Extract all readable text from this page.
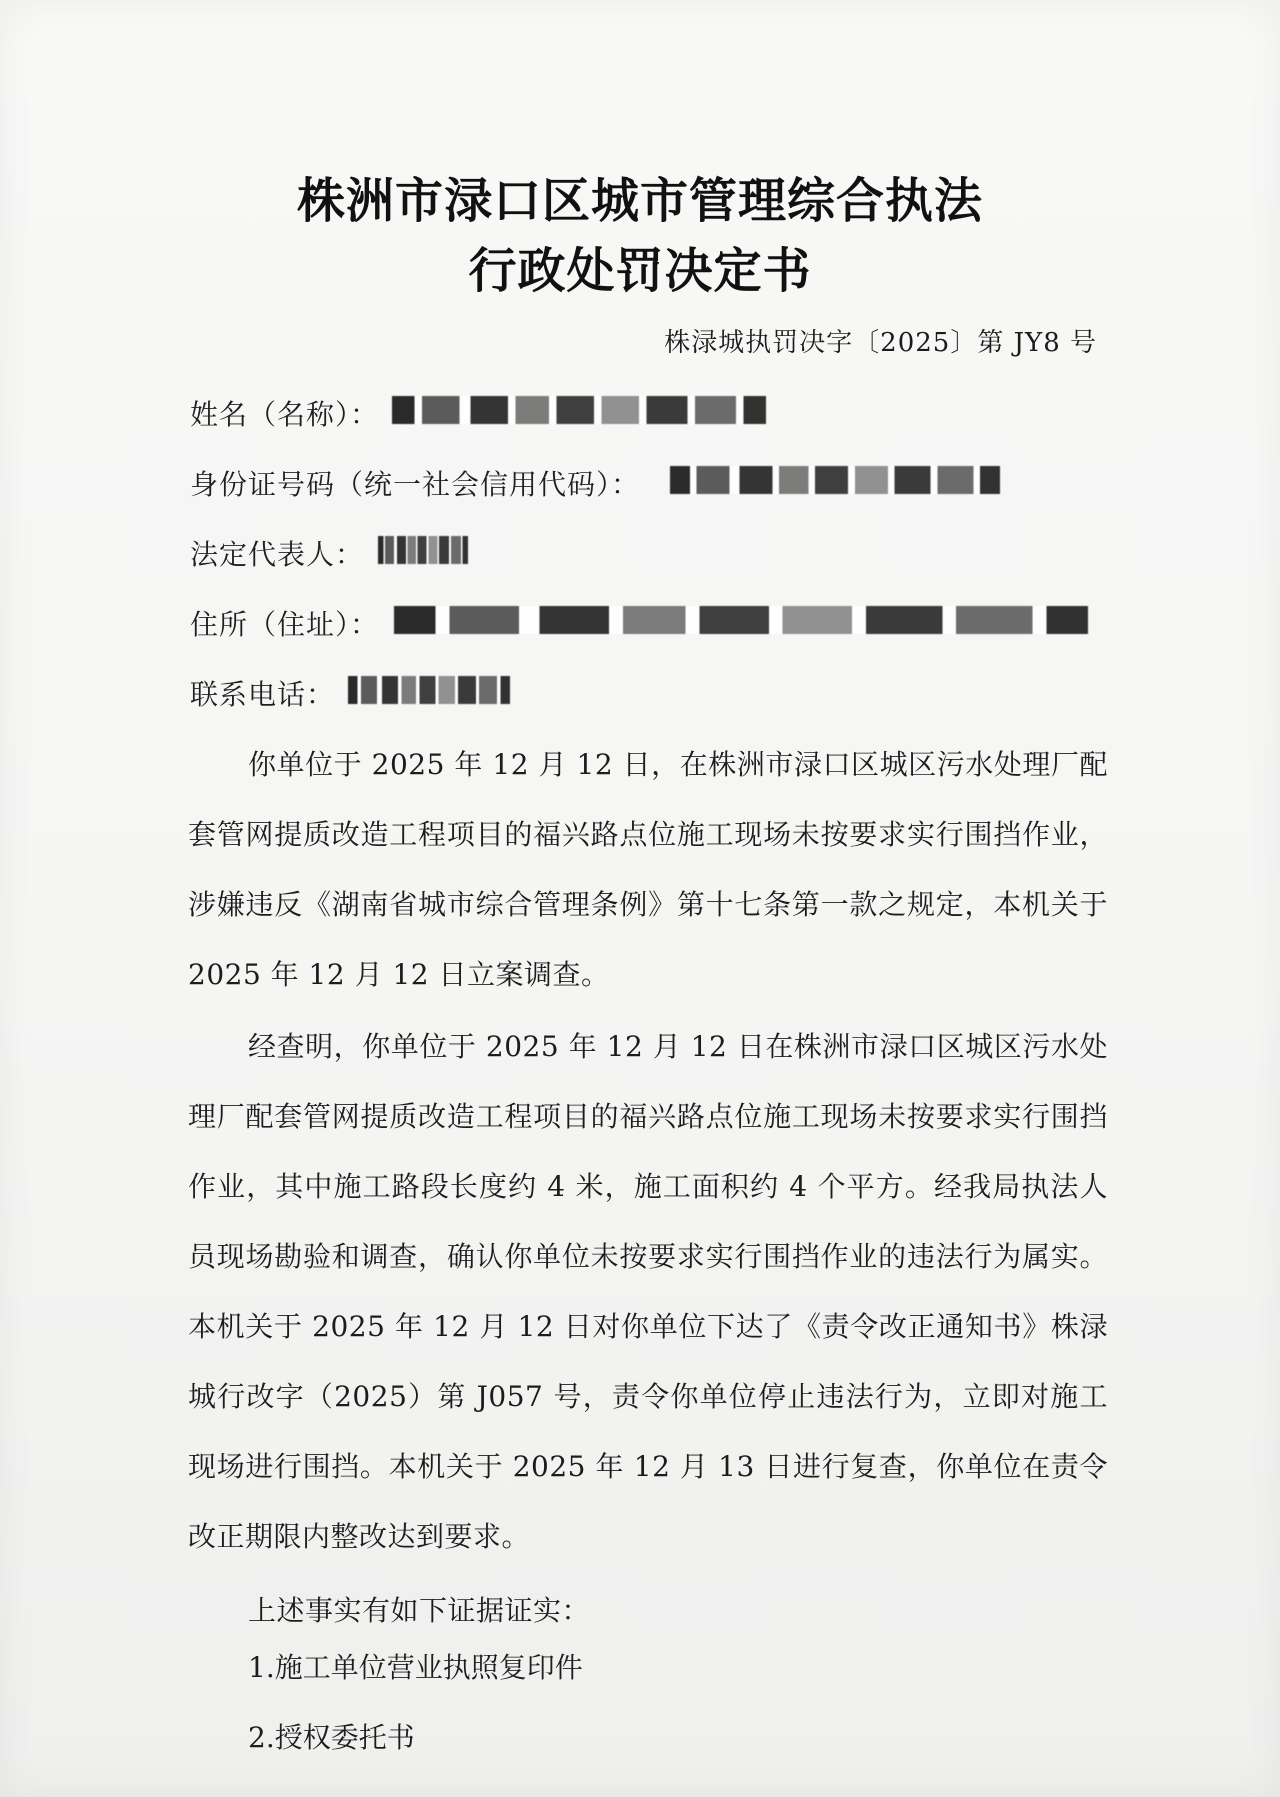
株洲市渌口区城市管理综合执法
行政处罚决定书
株渌城执罚决字〔2025〕第 JY8 号
姓名（名称）：
身份证号码（统一社会信用代码）：
法定代表人：
住所（住址）：
联系电话：
你单位于 2025 年 12 月 12 日，在株洲市渌口区城区污水处理厂配套管网提质改造工程项目的福兴路点位施工现场未按要求实行围挡作业，涉嫌违反《湖南省城市综合管理条例》第十七条第一款之规定，本机关于 2025 年 12 月 12 日立案调查。
经查明，你单位于 2025 年 12 月 12 日在株洲市渌口区城区污水处理厂配套管网提质改造工程项目的福兴路点位施工现场未按要求实行围挡作业，其中施工路段长度约 4 米，施工面积约 4 个平方。经我局执法人员现场勘验和调查，确认你单位未按要求实行围挡作业的违法行为属实。本机关于 2025 年 12 月 12 日对你单位下达了《责令改正通知书》株渌城行改字（2025）第 J057 号，责令你单位停止违法行为，立即对施工现场进行围挡。本机关于 2025 年 12 月 13 日进行复查，你单位在责令改正期限内整改达到要求。
上述事实有如下证据证实：
1.施工单位营业执照复印件
2.授权委托书
